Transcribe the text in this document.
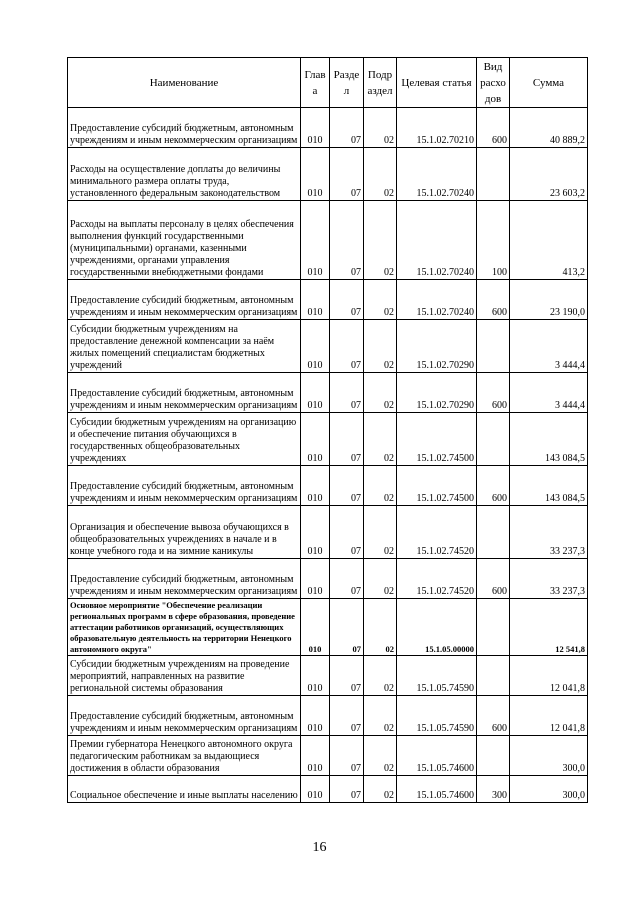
Наименование	Глав а	Разде л	Подр аздел	Целевая статья	Вид расхо дов	Сумма
Предоставление субсидий бюджетным, автономным учреждениям и иным некоммерческим организациям	010	07	02	15.1.02.70210	600	40 889,2
Расходы на осуществление доплаты до величины минимального размера оплаты труда, установленного федеральным законодательством	010	07	02	15.1.02.70240		23 603,2
Расходы на выплаты персоналу в целях обеспечения выполнения функций государственными (муниципальными) органами, казенными учреждениями, органами управления государственными внебюджетными фондами	010	07	02	15.1.02.70240	100	413,2
Предоставление субсидий бюджетным, автономным учреждениям и иным некоммерческим организациям	010	07	02	15.1.02.70240	600	23 190,0
Субсидии бюджетным учреждениям на предоставление денежной компенсации за наём жилых помещений специалистам бюджетных учреждений	010	07	02	15.1.02.70290		3 444,4
Предоставление субсидий бюджетным, автономным учреждениям и иным некоммерческим организациям	010	07	02	15.1.02.70290	600	3 444,4
Субсидии бюджетным учреждениям на организацию и обеспечение питания обучающихся в государственных общеобразовательных учреждениях	010	07	02	15.1.02.74500		143 084,5
Предоставление субсидий бюджетным, автономным учреждениям и иным некоммерческим организациям	010	07	02	15.1.02.74500	600	143 084,5
Организация и обеспечение вывоза обучающихся в общеобразовательных учреждениях в начале и в конце учебного года и на зимние каникулы	010	07	02	15.1.02.74520		33 237,3
Предоставление субсидий бюджетным, автономным учреждениям и иным некоммерческим организациям	010	07	02	15.1.02.74520	600	33 237,3
Основное мероприятие "Обеспечение реализации региональных программ в сфере образования, проведение аттестации работников организаций, осуществляющих образовательную деятельность на территории Ненецкого автономного округа"	010	07	02	15.1.05.00000		12 541,8
Субсидии бюджетным учреждениям на проведение мероприятий, направленных на развитие региональной системы образования	010	07	02	15.1.05.74590		12 041,8
Предоставление субсидий бюджетным, автономным учреждениям и иным некоммерческим организациям	010	07	02	15.1.05.74590	600	12 041,8
Премии губернатора Ненецкого автономного округа педагогическим работникам за выдающиеся достижения в области образования	010	07	02	15.1.05.74600		300,0
Социальное обеспечение и иные выплаты населению	010	07	02	15.1.05.74600	300	300,0
16
